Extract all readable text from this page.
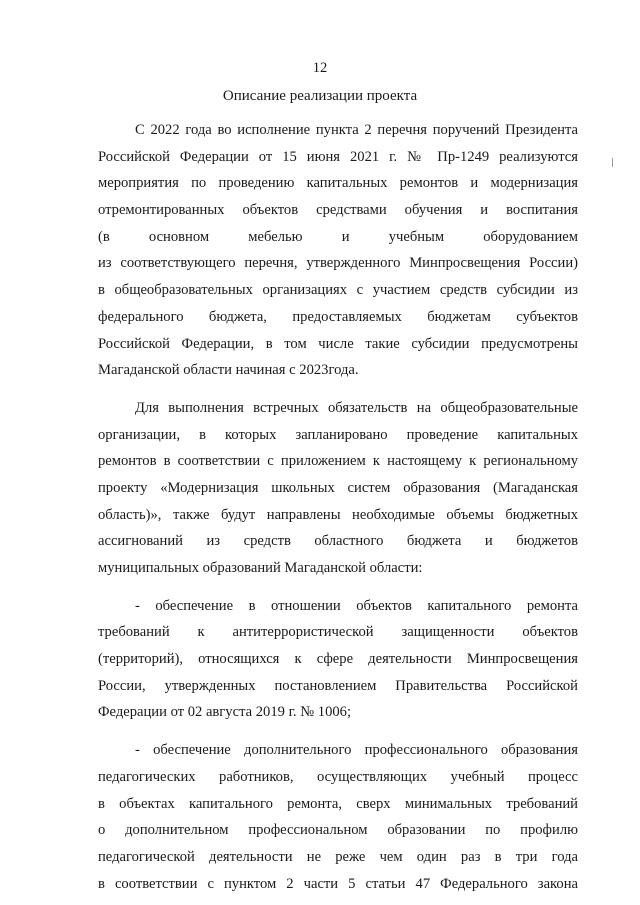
12
Описание реализации проекта
С 2022 года во исполнение пункта 2 перечня поручений Президента
Российской Федерации от 15 июня 2021 г. № Пр-1249 реализуются
мероприятия по проведению капитальных ремонтов и модернизация
отремонтированных объектов средствами обучения и воспитания
(в основном мебелью и учебным оборудованием
из соответствующего перечня, утвержденного Минпросвещения России)
в общеобразовательных организациях с участием средств субсидии из
федерального бюджета, предоставляемых бюджетам субъектов
Российской Федерации, в том числе такие субсидии предусмотрены
Магаданской области начиная с 2023года.
Для выполнения встречных обязательств на общеобразовательные
организации, в которых запланировано проведение капитальных
ремонтов в соответствии с приложением к настоящему к региональному
проекту «Модернизация школьных систем образования (Магаданская
область)», также будут направлены необходимые объемы бюджетных
ассигнований из средств областного бюджета и бюджетов
муниципальных образований Магаданской области:
- обеспечение в отношении объектов капитального ремонта
требований к антитеррористической защищенности объектов
(территорий), относящихся к сфере деятельности Минпросвещения
России, утвержденных постановлением Правительства Российской
Федерации от 02 августа 2019 г. № 1006;
- обеспечение дополнительного профессионального образования
педагогических работников, осуществляющих учебный процесс
в объектах капитального ремонта, сверх минимальных требований
о дополнительном профессиональном образовании по профилю
педагогической деятельности не реже чем один раз в три года
в соответствии с пунктом 2 части 5 статьи 47 Федерального закона
